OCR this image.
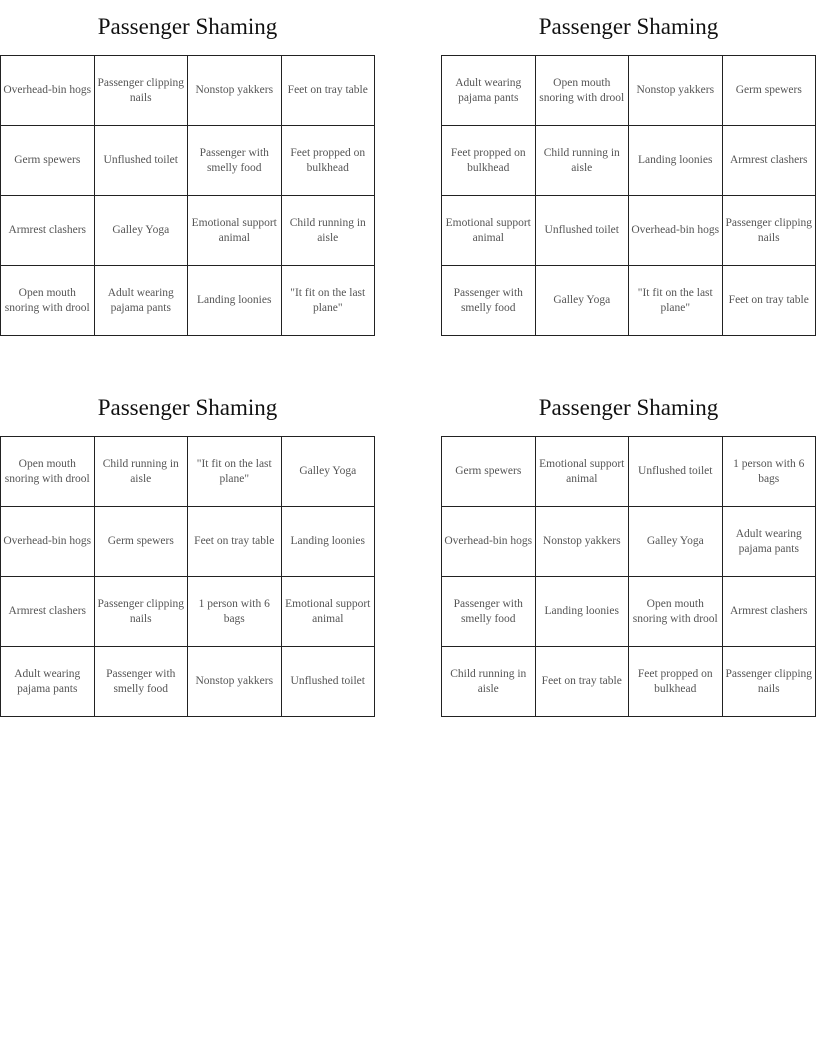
Passenger Shaming
Overhead-bin hogs	Passenger clipping nails	Nonstop yakkers	Feet on tray table
Germ spewers	Unflushed toilet	Passenger with smelly food	Feet propped on bulkhead
Armrest clashers	Galley Yoga	Emotional support animal	Child running in aisle
Open mouth snoring with drool	Adult wearing pajama pants	Landing loonies	"It fit on the last plane"
Passenger Shaming
Adult wearing pajama pants	Open mouth snoring with drool	Nonstop yakkers	Germ spewers
Feet propped on bulkhead	Child running in aisle	Landing loonies	Armrest clashers
Emotional support animal	Unflushed toilet	Overhead-bin hogs	Passenger clipping nails
Passenger with smelly food	Galley Yoga	"It fit on the last plane"	Feet on tray table
Passenger Shaming
Open mouth snoring with drool	Child running in aisle	"It fit on the last plane"	Galley Yoga
Overhead-bin hogs	Germ spewers	Feet on tray table	Landing loonies
Armrest clashers	Passenger clipping nails	1 person with 6 bags	Emotional support animal
Adult wearing pajama pants	Passenger with smelly food	Nonstop yakkers	Unflushed toilet
Passenger Shaming
Germ spewers	Emotional support animal	Unflushed toilet	1 person with 6 bags
Overhead-bin hogs	Nonstop yakkers	Galley Yoga	Adult wearing pajama pants
Passenger with smelly food	Landing loonies	Open mouth snoring with drool	Armrest clashers
Child running in aisle	Feet on tray table	Feet propped on bulkhead	Passenger clipping nails
